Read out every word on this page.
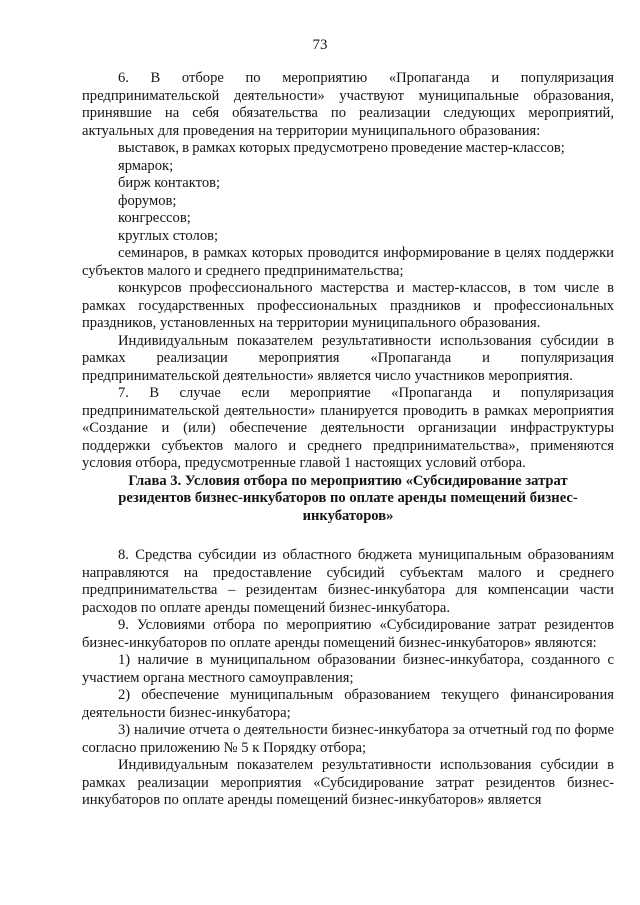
73

6. В отборе по мероприятию «Пропаганда и популяризация предпринимательской деятельности» участвуют муниципальные образования, принявшие на себя обязательства по реализации следующих мероприятий, актуальных для проведения на территории муниципального образования:

выставок, в рамках которых предусмотрено проведение мастер-классов;

ярмарок;

бирж контактов;

форумов;

конгрессов;

круглых столов;

семинаров, в рамках которых проводится информирование в целях поддержки субъектов малого и среднего предпринимательства;

конкурсов профессионального мастерства и мастер-классов, в том числе в рамках государственных профессиональных праздников и профессиональных праздников, установленных на территории муниципального образования.

Индивидуальным показателем результативности использования субсидии в рамках реализации мероприятия «Пропаганда и популяризация предпринимательской деятельности» является число участников мероприятия.

7. В случае если мероприятие «Пропаганда и популяризация предпринимательской деятельности» планируется проводить в рамках мероприятия «Создание и (или) обеспечение деятельности организации инфраструктуры поддержки субъектов малого и среднего предпринимательства», применяются условия отбора, предусмотренные главой 1 настоящих условий отбора.

Глава 3. Условия отбора по мероприятию «Субсидирование затрат резидентов бизнес-инкубаторов по оплате аренды помещений бизнес-инкубаторов»

8. Средства субсидии из областного бюджета муниципальным образованиям направляются на предоставление субсидий субъектам малого и среднего предпринимательства – резидентам бизнес-инкубатора для компенсации части расходов по оплате аренды помещений бизнес-инкубатора.

9. Условиями отбора по мероприятию «Субсидирование затрат резидентов бизнес-инкубаторов по оплате аренды помещений бизнес-инкубаторов» являются:

1) наличие в муниципальном образовании бизнес-инкубатора, созданного с участием органа местного самоуправления;

2) обеспечение муниципальным образованием текущего финансирования деятельности бизнес-инкубатора;

3) наличие отчета о деятельности бизнес-инкубатора за отчетный год по форме согласно приложению № 5 к Порядку отбора;

Индивидуальным показателем результативности использования субсидии в рамках реализации мероприятия «Субсидирование затрат резидентов бизнес-инкубаторов по оплате аренды помещений бизнес-инкубаторов» является
